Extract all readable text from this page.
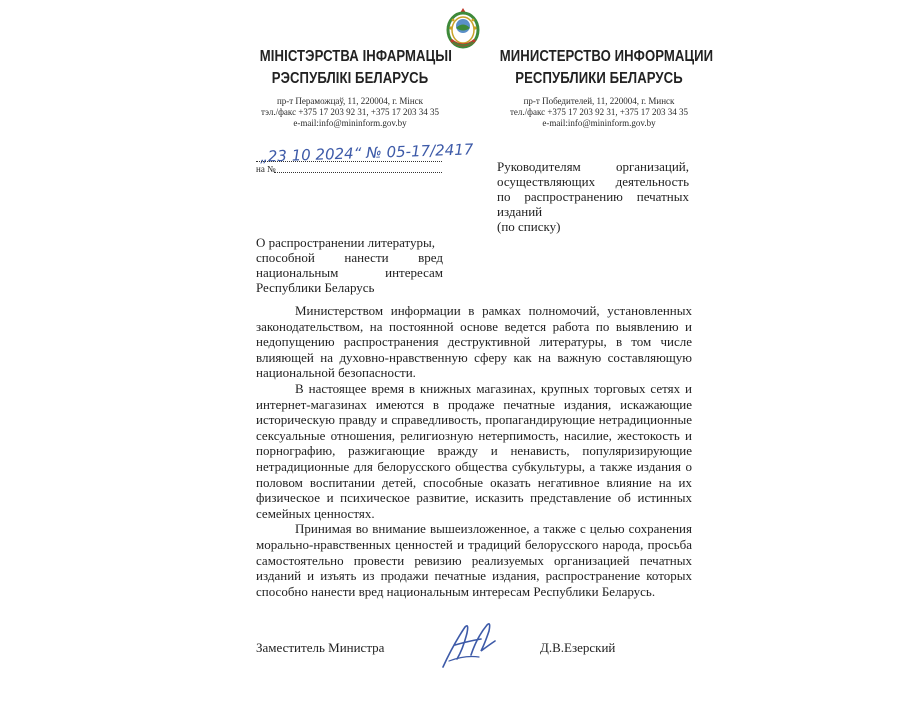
МІНІСТЭРСТВА ІНФАРМАЦЫІ
РЭСПУБЛІКІ БЕЛАРУСЬ
пр-т Пераможцаў, 11, 220004, г. Мінск
тэл./факс +375 17 203 92 31, +375 17 203 34 35
e-mail:info@mininform.gov.by
МИНИСТЕРСТВО ИНФОРМАЦИИ
РЕСПУБЛИКИ БЕЛАРУСЬ
пр-т Победителей, 11, 220004, г. Минск
тел./факс +375 17 203 92 31, +375 17 203 34 35
e-mail:info@mininform.gov.by
„23 10 2024“ № 05-17/2417
на №	Руководителям организаций,
осуществляющих деятельность
по распространению печатных
изданий
(по списку)
О распространении литературы,
способной нанести вред
национальным интересам
Республики Беларусь

Министерством информации в рамках полномочий, установленных законодательством, на постоянной основе ведется работа по выявлению и недопущению распространения деструктивной литературы, в том числе влияющей на духовно-нравственную сферу как на важную составляющую национальной безопасности.

В настоящее время в книжных магазинах, крупных торговых сетях и интернет-магазинах имеются в продаже печатные издания, искажающие историческую правду и справедливость, пропагандирующие нетрадиционные сексуальные отношения, религиозную нетерпимость, насилие, жестокость и порнографию, разжигающие вражду и ненависть, популяризирующие нетрадиционные для белорусского общества субкультуры, а также издания о половом воспитании детей, способные оказать негативное влияние на их физическое и психическое развитие, исказить представление об истинных семейных ценностях.

Принимая во внимание вышеизложенное, а также с целью сохранения морально-нравственных ценностей и традиций белорусского народа, просьба самостоятельно провести ревизию реализуемых организацией печатных изданий и изъять из продажи печатные издания, распространение которых способно нанести вред национальным интересам Республики Беларусь.

Заместитель Министра	Д.В.Езерский
